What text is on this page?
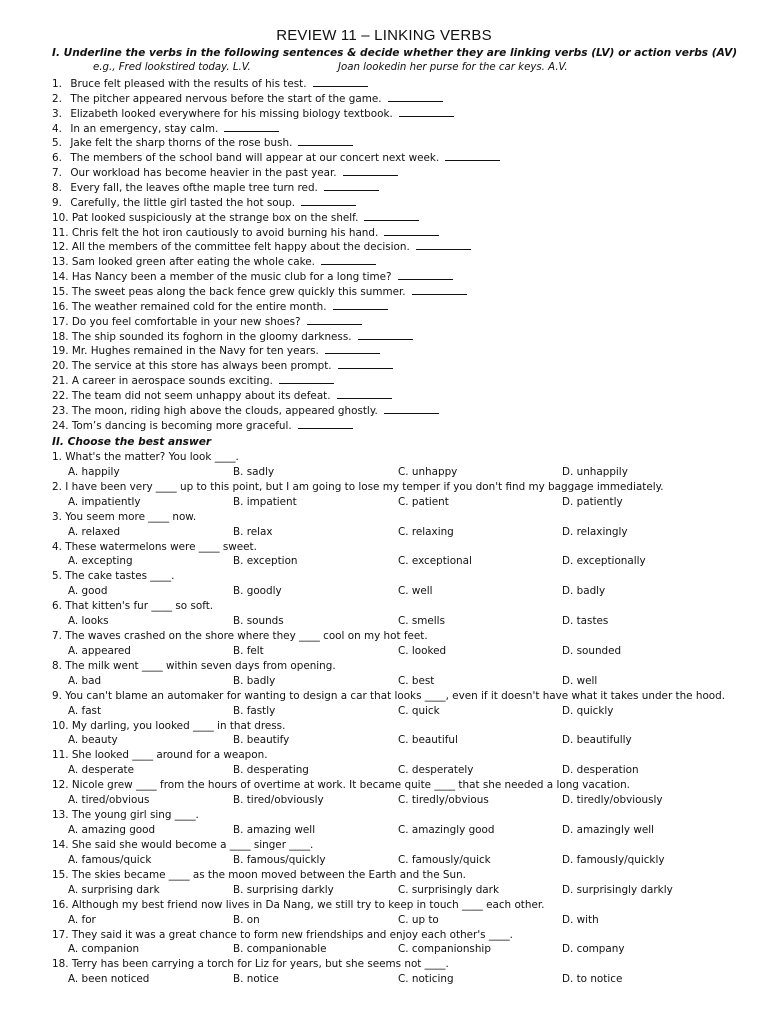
REVIEW 11 – LINKING VERBS
I. Underline the verbs in the following sentences & decide whether they are linking verbs (LV) or action verbs (AV)
e.g., Fred lookstired today. L.V.	Joan lookedin her purse for the car keys. A.V.
1. Bruce felt pleased with the results of his test.
2. The pitcher appeared nervous before the start of the game.
3. Elizabeth looked everywhere for his missing biology textbook.
4. In an emergency, stay calm.
5. Jake felt the sharp thorns of the rose bush.
6. The members of the school band will appear at our concert next week.
7. Our workload has become heavier in the past year.
8. Every fall, the leaves ofthe maple tree turn red.
9. Carefully, the little girl tasted the hot soup.
10. Pat looked suspiciously at the strange box on the shelf.
11. Chris felt the hot iron cautiously to avoid burning his hand.
12. All the members of the committee felt happy about the decision.
13. Sam looked green after eating the whole cake.
14. Has Nancy been a member of the music club for a long time?
15. The sweet peas along the back fence grew quickly this summer.
16. The weather remained cold for the entire month.
17. Do you feel comfortable in your new shoes?
18. The ship sounded its foghorn in the gloomy darkness.
19. Mr. Hughes remained in the Navy for ten years.
20. The service at this store has always been prompt.
21. A career in aerospace sounds exciting.
22. The team did not seem unhappy about its defeat.
23. The moon, riding high above the clouds, appeared ghostly.
24. Tom’s dancing is becoming more graceful.
II. Choose the best answer
1. What's the matter? You look ____.
A. happily	B. sadly	C. unhappy	D. unhappily
2. I have been very ____ up to this point, but I am going to lose my temper if you don't find my baggage immediately.
A. impatiently	B. impatient	C. patient	D. patiently
3. You seem more ____ now.
A. relaxed	B. relax	C. relaxing	D. relaxingly
4. These watermelons were ____ sweet.
A. excepting	B. exception	C. exceptional	D. exceptionally
5. The cake tastes ____.
A. good	B. goodly	C. well	D. badly
6. That kitten's fur ____ so soft.
A. looks	B. sounds	C. smells	D. tastes
7. The waves crashed on the shore where they ____ cool on my hot feet.
A. appeared	B. felt	C. looked	D. sounded
8. The milk went ____ within seven days from opening.
A. bad	B. badly	C. best	D. well
9. You can't blame an automaker for wanting to design a car that looks ____, even if it doesn't have what it takes under the hood.
A. fast	B. fastly	C. quick	D. quickly
10. My darling, you looked ____ in that dress.
A. beauty	B. beautify	C. beautiful	D. beautifully
11. She looked ____ around for a weapon.
A. desperate	B. desperating	C. desperately	D. desperation
12. Nicole grew ____ from the hours of overtime at work. It became quite ____ that she needed a long vacation.
A. tired/obvious	B. tired/obviously	C. tiredly/obvious	D. tiredly/obviously
13. The young girl sing ____.
A. amazing good	B. amazing well	C. amazingly good	D. amazingly well
14. She said she would become a ____ singer ____.
A. famous/quick	B. famous/quickly	C. famously/quick	D. famously/quickly
15. The skies became ____ as the moon moved between the Earth and the Sun.
A. surprising dark	B. surprising darkly	C. surprisingly dark	D. surprisingly darkly
16. Although my best friend now lives in Da Nang, we still try to keep in touch ____ each other.
A. for	B. on	C. up to	D. with
17. They said it was a great chance to form new friendships and enjoy each other's ____.
A. companion	B. companionable	C. companionship	D. company
18. Terry has been carrying a torch for Liz for years, but she seems not ____.
A. been noticed	B. notice	C. noticing	D. to notice
